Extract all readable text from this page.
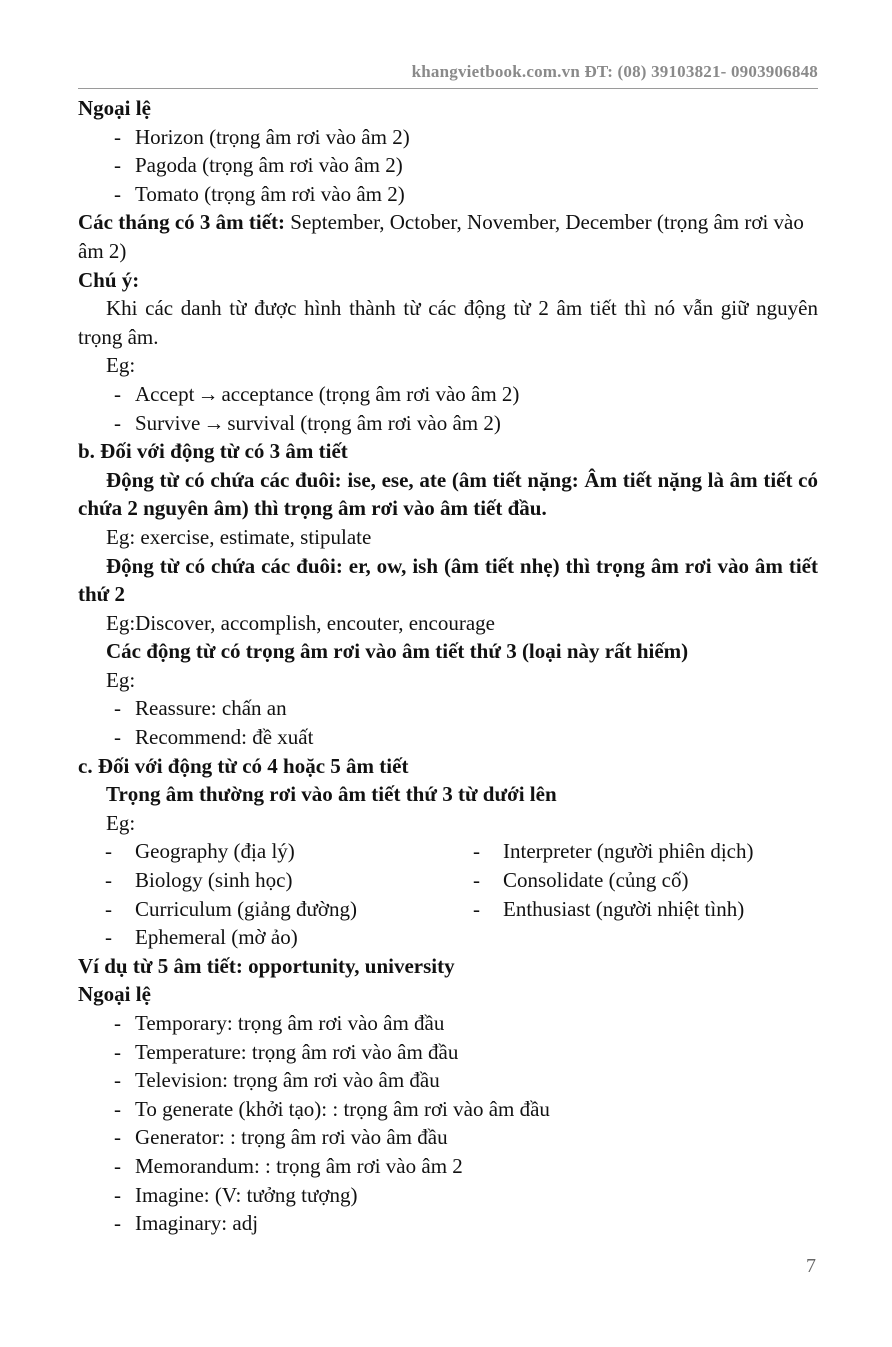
khangvietbook.com.vn ĐT: (08) 39103821- 0903906848
Ngoại lệ
- Horizon (trọng âm rơi vào âm 2)
- Pagoda (trọng âm rơi vào âm 2)
- Tomato (trọng âm rơi vào âm 2)
Các tháng có 3 âm tiết: September, October, November, December (trọng âm rơi vào âm 2)
Chú ý:
Khi các danh từ được hình thành từ các động từ 2 âm tiết thì nó vẫn giữ nguyên trọng âm.
Eg:
- Accept → acceptance (trọng âm rơi vào âm 2)
- Survive → survival (trọng âm rơi vào âm 2)
b. Đối với động từ có 3 âm tiết
Động từ có chứa các đuôi: ise, ese, ate (âm tiết nặng: Âm tiết nặng là âm tiết có chứa 2 nguyên âm) thì trọng âm rơi vào âm tiết đầu.
Eg: exercise, estimate, stipulate
Động từ có chứa các đuôi: er, ow, ish (âm tiết nhẹ) thì trọng âm rơi vào âm tiết thứ 2
Eg:Discover, accomplish, encouter, encourage
Các động từ có trọng âm rơi vào âm tiết thứ 3 (loại này rất hiếm)
Eg:
- Reassure: chấn an
- Recommend: đề xuất
c. Đối với động từ có 4 hoặc 5 âm tiết
Trọng âm thường rơi vào âm tiết thứ 3 từ dưới lên
Eg:
- Geography (địa lý)
- Biology (sinh học)
- Curriculum (giảng đường)
- Ephemeral (mờ ảo)
- Interpreter (người phiên dịch)
- Consolidate (củng cố)
- Enthusiast (người nhiệt tình)
Ví dụ từ 5 âm tiết: opportunity, university
Ngoại lệ
- Temporary: trọng âm rơi vào âm đầu
- Temperature: trọng âm rơi vào âm đầu
- Television: trọng âm rơi vào âm đầu
- To generate (khởi tạo): : trọng âm rơi vào âm đầu
- Generator: : trọng âm rơi vào âm đầu
- Memorandum: : trọng âm rơi vào âm 2
- Imagine: (V: tưởng tượng)
- Imaginary: adj
7
